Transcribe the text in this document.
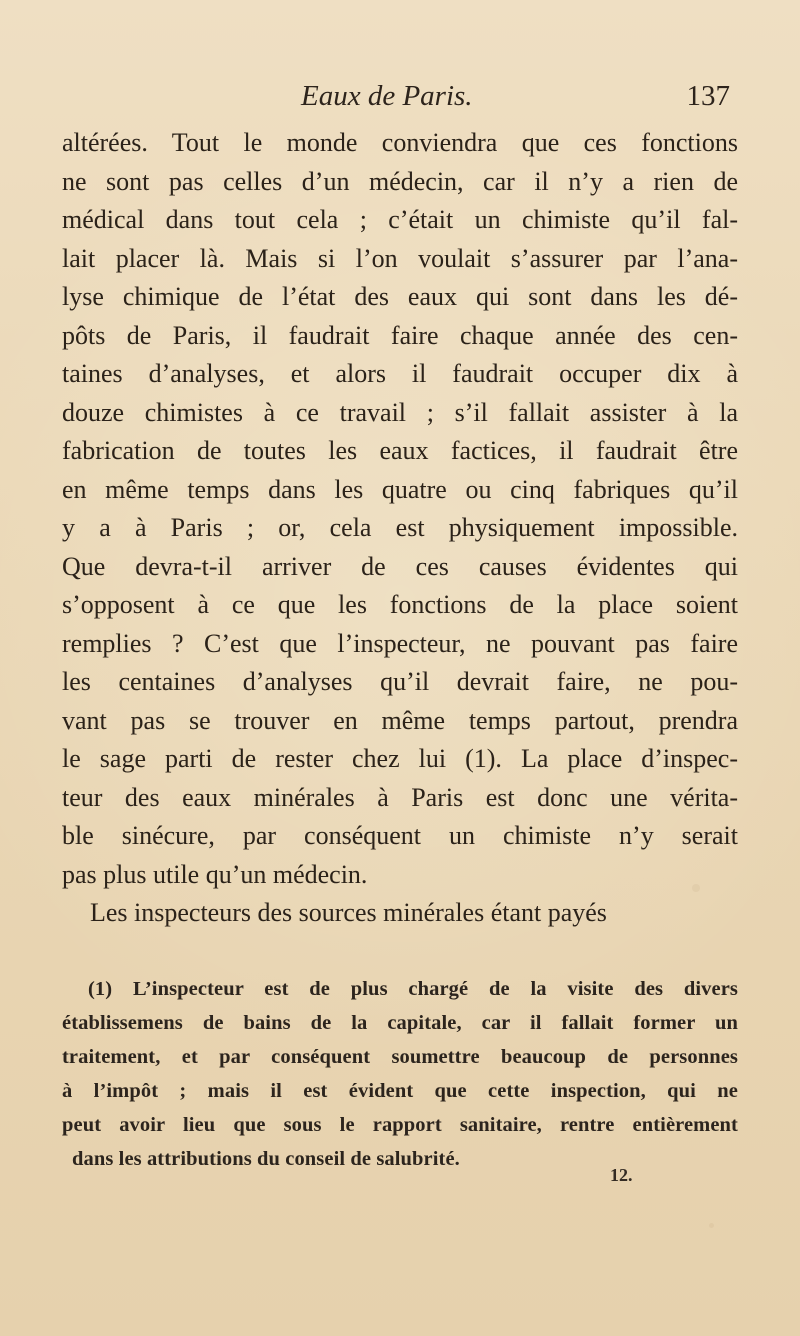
Eaux de Paris.	137
altérées. Tout le monde conviendra que ces fonctions
ne sont pas celles d’un médecin, car il n’y a rien de
médical dans tout cela ; c’était un chimiste qu’il fal-
lait placer là. Mais si l’on voulait s’assurer par l’ana-
lyse chimique de l’état des eaux qui sont dans les dé-
pôts de Paris, il faudrait faire chaque année des cen-
taines d’analyses, et alors il faudrait occuper dix à
douze chimistes à ce travail ; s’il fallait assister à la
fabrication de toutes les eaux factices, il faudrait être
en même temps dans les quatre ou cinq fabriques qu’il
y a à Paris ; or, cela est physiquement impossible.
Que devra-t-il arriver de ces causes évidentes qui
s’opposent à ce que les fonctions de la place soient
remplies ? C’est que l’inspecteur, ne pouvant pas faire
les centaines d’analyses qu’il devrait faire, ne pou-
vant pas se trouver en même temps partout, prendra
le sage parti de rester chez lui (1). La place d’inspec-
teur des eaux minérales à Paris est donc une vérita-
ble sinécure, par conséquent un chimiste n’y serait
pas plus utile qu’un médecin.
Les inspecteurs des sources minérales étant payés
(1) L’inspecteur est de plus chargé de la visite des divers
établissemens de bains de la capitale, car il fallait former un
traitement, et par conséquent soumettre beaucoup de personnes
à l’impôt ; mais il est évident que cette inspection, qui ne
peut avoir lieu que sous le rapport sanitaire, rentre entièrement
dans les attributions du conseil de salubrité.
12.
